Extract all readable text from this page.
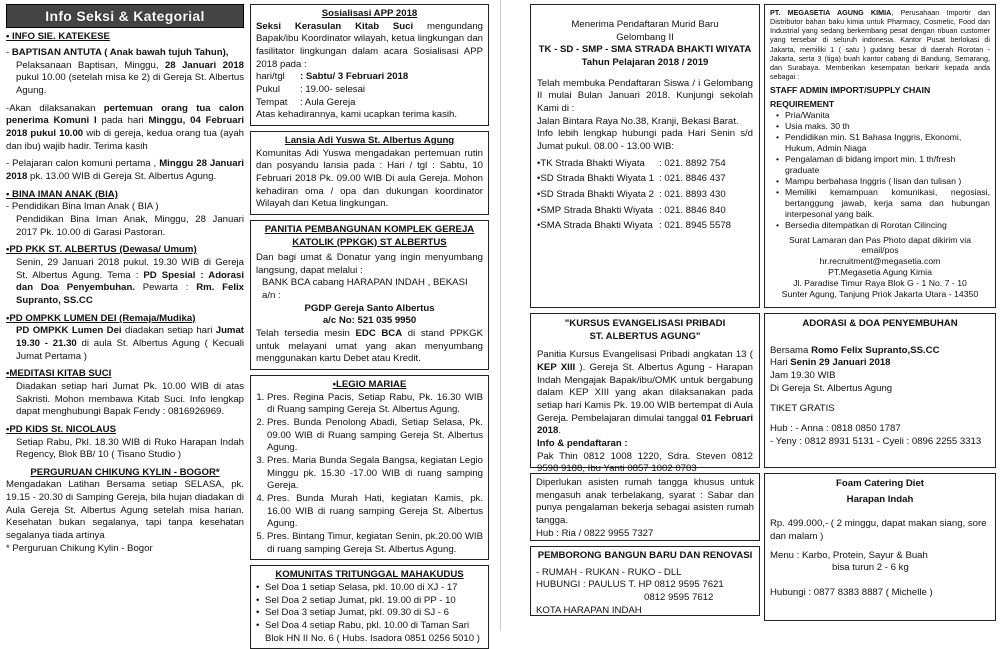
Info Seksi & Kategorial
• INFO SIE. KATEKESE
- BAPTISAN ANTUTA ( Anak bawah tujuh Tahun),
Pelaksanaan Baptisan, Minggu, 28 Januari 2018 pukul 10.00 (setelah misa ke 2) di Gereja St. Albertus Agung.
-Akan dilaksanakan pertemuan orang tua calon penerima Komuni I pada hari Minggu, 04 Februari 2018 pukul 10.00 wib di gereja, kedua orang tua (ayah dan ibu) wajib hadir. Terima kasih
- Pelajaran calon komuni pertama , Minggu 28 Januari 2018 pk. 13.00 WIB di Gereja St. Albertus Agung.
• BINA IMAN ANAK (BIA)
- Pendidikan Bina Iman Anak ( BIA )
Pendidikan Bina Iman Anak, Minggu, 28 Januari 2017 Pk. 10.00 di Garasi Pastoran.
•PD PKK ST. ALBERTUS (Dewasa/ Umum)
Senin, 29 Januari 2018 pukul. 19.30 WIB di Gereja St. Albertus Agung. Tema : PD Spesial : Adorasi dan Doa Penyembuhan. Pewarta : Rm. Felix Supranto, SS.CC
•PD OMPKK LUMEN DEI (Remaja/Mudika)
PD OMPKK Lumen Dei diadakan setiap hari Jumat 19.30 - 21.30 di aula St. Albertus Agung ( Kecuali Jumat Pertama )
•MEDITASI KITAB SUCI
Diadakan setiap hari Jumat Pk. 10.00 WIB di atas Sakristi. Mohon membawa Kitab Suci. Info lengkap dapat menghubungi Bapak Fendy : 0816926969.
•PD KIDS St. NICOLAUS
Setiap Rabu, Pkl. 18.30 WIB di Ruko Harapan Indah Regency, Blok BB/ 10 ( Tisano Studio )
PERGURUAN CHIKUNG KYLIN - BOGOR*
Mengadakan Latihan Bersama setiap SELASA, pk. 19.15 - 20.30 di Samping Gereja, bila hujan diadakan di Aula Gereja St. Albertus Agung setelah misa harian. Kesehatan bukan segalanya, tapi tanpa kesehatan segalanya tiada artinya
* Perguruan Chikung Kylin - Bogor
Sosialisasi APP 2018
Seksi Kerasulan Kitab Suci mengundang Bapak/ibu Koordinator wilayah, ketua lingkungan dan fasilitator lingkungan dalam acara Sosialisasi APP 2018 pada :
hari/tgl	: Sabtu/ 3 Februari 2018
Pukul	: 19.00- selesai
Tempat	: Aula Gereja
Atas kehadirannya, kami ucapkan terima kasih.
Lansia Adi Yuswa St. Albertus Agung
Komunitas Adi Yuswa mengadakan pertemuan rutin dan posyandu lansia pada : Hari / tgl : Sabtu, 10 Februari 2018 Pk. 09.00 WIB Di aula Gereja. Mohon kehadiran oma / opa dan dukungan koordinator Wilayah dan Ketua lingkungan.
PANITIA PEMBANGUNAN KOMPLEK GEREJA
KATOLIK (PPKGK) ST ALBERTUS
Dan bagi umat & Donatur yang ingin menyumbang langsung, dapat melalui :
BANK BCA cabang HARAPAN INDAH , BEKASI a/n :
PGDP Gereja Santo Albertus
a/c No: 521 035 9950
Telah tersedia mesin EDC BCA di stand PPKGK untuk melayani umat yang akan menyumbang menggunakan kartu Debet atau Kredit.
•LEGIO MARIAE
1. Pres. Regina Pacis, Setiap Rabu, Pk. 16.30 WIB di Ruang samping Gereja St. Albertus Agung.
2. Pres. Bunda Penolong Abadi, Setiap Selasa, Pk. 09.00 WIB di Ruang samping Gereja St. Albertus Agung.
3. Pres. Maria Bunda Segala Bangsa, kegiatan Legio Minggu pk. 15.30 -17.00 WIB di ruang samping Gereja.
4. Pres. Bunda Murah Hati, kegiatan Kamis, pk. 16.00 WIB di ruang samping Gereja St. Albertus Agung.
5. Pres. Bintang Timur, kegiatan Senin, pk.20.00 WIB di ruang samping Gereja St. Albertus Agung.
KOMUNITAS TRITUNGGAL MAHAKUDUS
• Sel Doa 1 setiap Selasa, pkl. 10.00 di XJ - 17
• Sel Doa 2 setiap Jumat, pkl. 19.00 di PP - 10
• Sel Doa 3 setiap Jumat, pkl. 09.30 di SJ - 6
• Sel Doa 4 setiap Rabu, pkl. 10.00 di Taman Sari Blok HN II No. 6 ( Hubs. Isadora 0851 0256 5010 )
Menerima Pendaftaran Murid Baru
Gelombang II
TK - SD - SMP - SMA STRADA BHAKTI WIYATA
Tahun Pelajaran 2018 / 2019
Telah membuka Pendaftaran Siswa / i Gelombang II mulai Bulan Januari 2018. Kunjungi sekolah Kami di :
Jalan Bintara Raya No.38, Kranji, Bekasi Barat.
Info lebih lengkap hubungi pada Hari Senin s/d Jumat pukul. 08.00 - 13.00 WIB:
•TK Strada Bhakti Wiyata	: 021. 8892 754
•SD Strada Bhakti Wiyata 1 : 021. 8846 437
•SD Strada Bhakti Wiyata 2 : 021. 8893 430
•SMP Strada Bhakti Wiyata : 021. 8846 840
•SMA Strada Bhakti Wiyata : 021. 8945 5578
"KURSUS EVANGELISASI PRIBADI
ST. ALBERTUS AGUNG"
Panitia Kursus Evangelisasi Pribadi angkatan 13 ( KEP XIII ). Gereja St. Albertus Agung - Harapan Indah Mengajak Bapak/ibu/OMK untuk bergabung dalam KEP XIII yang akan dilaksanakan pada setiap hari Kamis Pk. 19.00 WIB bertempat di Aula Gereja. Pembelajaran dimulai tanggal 01 Februari 2018.
Info & pendaftaran :
Pak Thin 0812 1008 1220, Sdra. Steven 0812 9598 9188, Ibu Yanti 0857 1002 0703
Diperlukan asisten rumah tangga khusus untuk mengasuh anak terbelakang, syarat : Sabar dan punya pengalaman bekerja sebagai asisten rumah tangga.
Hub : Ria / 0822 9955 7327
PEMBORONG BANGUN BARU DAN RENOVASI
- RUMAH - RUKAN - RUKO - DLL
HUBUNGI : PAULUS T. HP 0812 9595 7621
0812 9595 7612
KOTA HARAPAN INDAH
PT. MEGASETIA AGUNG KIMIA, Perusahaan Importir dan Distributor bahan baku kimia untuk Pharmacy, Cosmetic, Food dan Industrial yang sedang berkembang pesat dengan ribuan customer yang tersebar di seluruh indonesia. Kantor Pusat berlokasi di Jakarta, memiliki 1 ( satu ) gudang besar di daerah Rorotan - Jakarta, serta 3 (tiga) buah kantor cabang di Bandung, Semarang, dan Surabaya. Memberikan kesempatan berkarir kepada anda sebagai :
STAFF ADMIN IMPORT/SUPPLY CHAIN
REQUIREMENT
• Pria/Wanita
• Usia maks. 30 th
• Pendidikan min. S1 Bahasa Inggris, Ekonomi, Hukum, Admin Niaga
• Pengalaman di bidang import min. 1 th/fresh graduate
• Mampu berbahasa Inggris ( lisan dan tulisan )
• Memiliki kemampuan komunikasi, negosiasi, bertanggung jawab, kerja sama dan hubungan interpesonal yang baik.
• Bersedia ditempatkan di Rorotan Cilincing
Surat Lamaran dan Pas Photo dapat dikirim via email/pos
hr.recruitment@megasetia.com
PT.Megasetia Agung Kimia
Jl. Paradise Timur Raya Blok G - 1 No. 7 - 10
Sunter Agung, Tanjung Priok Jakarta Utara - 14350
ADORASI & DOA PENYEMBUHAN
Bersama Romo Felix Supranto,SS.CC
Hari Senin 29 Januari 2018
Jam 19.30 WIB
Di Gereja St. Albertus Agung
TIKET GRATIS
Hub : - Anna : 0818 0850 1787
- Yeny : 0812 8931 5131 - Cyeli : 0896 2255 3313
Foam Catering Diet
Harapan Indah
Rp. 499.000,- ( 2 minggu, dapat makan siang, sore dan malam )
Menu : Karbo, Protein, Sayur & Buah
bisa turun 2 - 6 kg
Hubungi : 0877 8383 8887 ( Michelle )
